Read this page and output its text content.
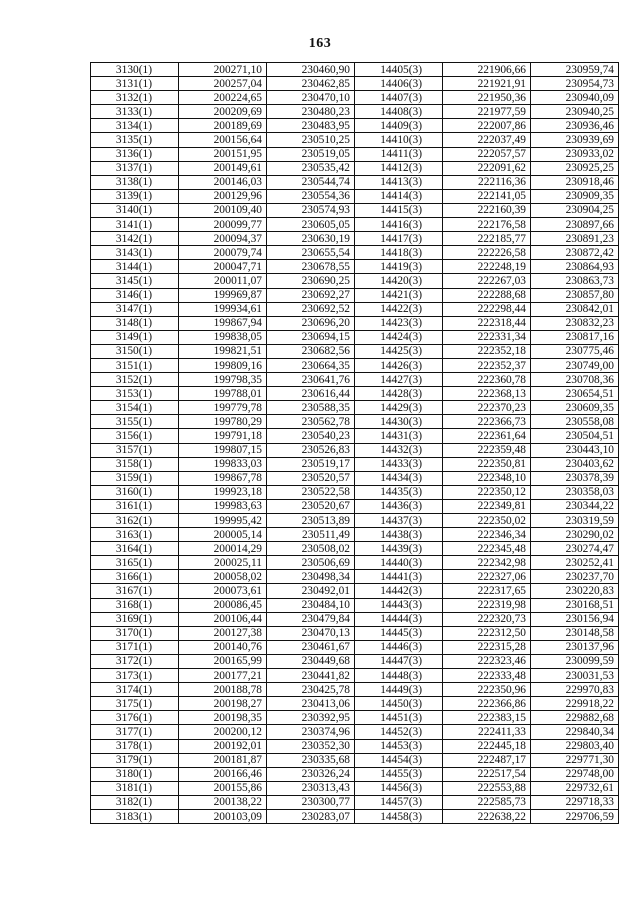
163
3130(1)	200271,10	230460,90	14405(3)	221906,66	230959,74
3131(1)	200257,04	230462,85	14406(3)	221921,91	230954,73
3132(1)	200224,65	230470,10	14407(3)	221950,36	230940,09
3133(1)	200209,69	230480,23	14408(3)	221977,59	230940,25
3134(1)	200189,69	230483,95	14409(3)	222007,86	230936,46
3135(1)	200156,64	230510,25	14410(3)	222037,49	230939,69
3136(1)	200151,95	230519,05	14411(3)	222057,57	230933,02
3137(1)	200149,61	230535,42	14412(3)	222091,62	230925,25
3138(1)	200146,03	230544,74	14413(3)	222116,36	230918,46
3139(1)	200129,96	230554,36	14414(3)	222141,05	230909,35
3140(1)	200109,40	230574,93	14415(3)	222160,39	230904,25
3141(1)	200099,77	230605,05	14416(3)	222176,58	230897,66
3142(1)	200094,37	230630,19	14417(3)	222185,77	230891,23
3143(1)	200079,74	230655,54	14418(3)	222226,58	230872,42
3144(1)	200047,71	230678,55	14419(3)	222248,19	230864,93
3145(1)	200011,07	230690,25	14420(3)	222267,03	230863,73
3146(1)	199969,87	230692,27	14421(3)	222288,68	230857,80
3147(1)	199934,61	230692,52	14422(3)	222298,44	230842,01
3148(1)	199867,94	230696,20	14423(3)	222318,44	230832,23
3149(1)	199838,05	230694,15	14424(3)	222331,34	230817,16
3150(1)	199821,51	230682,56	14425(3)	222352,18	230775,46
3151(1)	199809,16	230664,35	14426(3)	222352,37	230749,00
3152(1)	199798,35	230641,76	14427(3)	222360,78	230708,36
3153(1)	199788,01	230616,44	14428(3)	222368,13	230654,51
3154(1)	199779,78	230588,35	14429(3)	222370,23	230609,35
3155(1)	199780,29	230562,78	14430(3)	222366,73	230558,08
3156(1)	199791,18	230540,23	14431(3)	222361,64	230504,51
3157(1)	199807,15	230526,83	14432(3)	222359,48	230443,10
3158(1)	199833,03	230519,17	14433(3)	222350,81	230403,62
3159(1)	199867,78	230520,57	14434(3)	222348,10	230378,39
3160(1)	199923,18	230522,58	14435(3)	222350,12	230358,03
3161(1)	199983,63	230520,67	14436(3)	222349,81	230344,22
3162(1)	199995,42	230513,89	14437(3)	222350,02	230319,59
3163(1)	200005,14	230511,49	14438(3)	222346,34	230290,02
3164(1)	200014,29	230508,02	14439(3)	222345,48	230274,47
3165(1)	200025,11	230506,69	14440(3)	222342,98	230252,41
3166(1)	200058,02	230498,34	14441(3)	222327,06	230237,70
3167(1)	200073,61	230492,01	14442(3)	222317,65	230220,83
3168(1)	200086,45	230484,10	14443(3)	222319,98	230168,51
3169(1)	200106,44	230479,84	14444(3)	222320,73	230156,94
3170(1)	200127,38	230470,13	14445(3)	222312,50	230148,58
3171(1)	200140,76	230461,67	14446(3)	222315,28	230137,96
3172(1)	200165,99	230449,68	14447(3)	222323,46	230099,59
3173(1)	200177,21	230441,82	14448(3)	222333,48	230031,53
3174(1)	200188,78	230425,78	14449(3)	222350,96	229970,83
3175(1)	200198,27	230413,06	14450(3)	222366,86	229918,22
3176(1)	200198,35	230392,95	14451(3)	222383,15	229882,68
3177(1)	200200,12	230374,96	14452(3)	222411,33	229840,34
3178(1)	200192,01	230352,30	14453(3)	222445,18	229803,40
3179(1)	200181,87	230335,68	14454(3)	222487,17	229771,30
3180(1)	200166,46	230326,24	14455(3)	222517,54	229748,00
3181(1)	200155,86	230313,43	14456(3)	222553,88	229732,61
3182(1)	200138,22	230300,77	14457(3)	222585,73	229718,33
3183(1)	200103,09	230283,07	14458(3)	222638,22	229706,59
